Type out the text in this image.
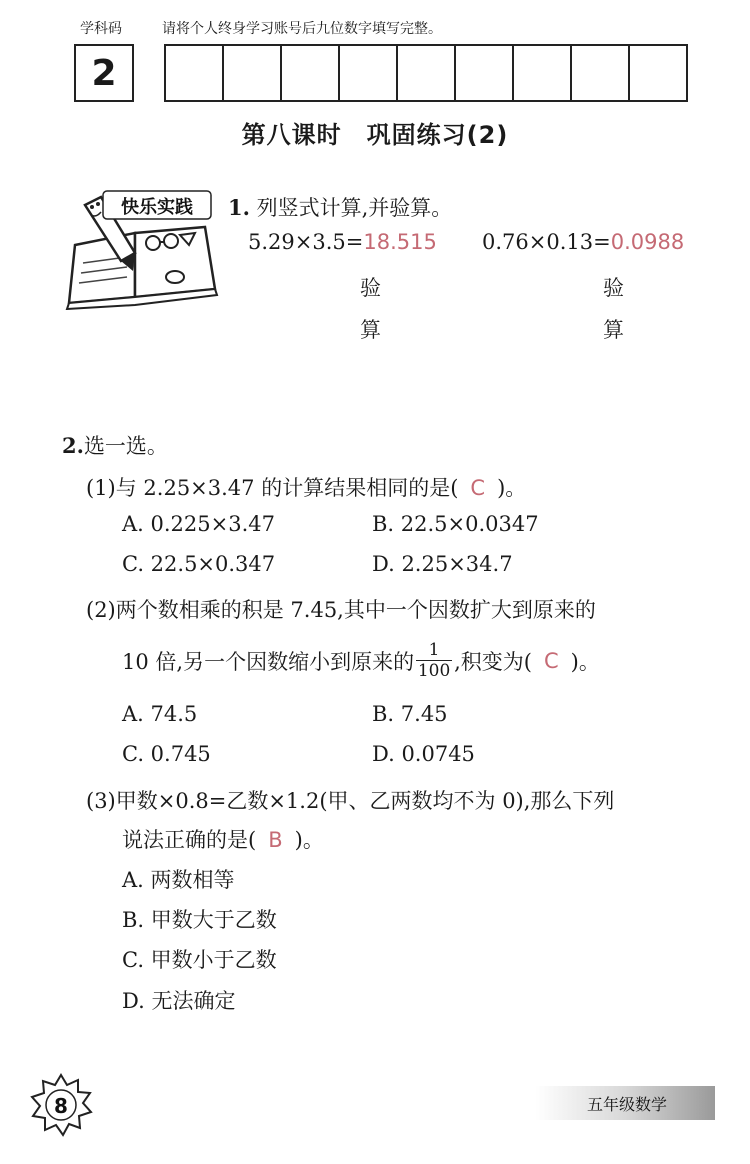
学科码	请将个人终身学习账号后九位数字填写完整。
2
第八课时　巩固练习(2)
快乐实践 1. 列竖式计算,并验算。
5.29×3.5=18.515 0.76×0.13=0.0988
验
算
验
算
2.选一选。
(1)与 2.25×3.47 的计算结果相同的是( C )。
A. 0.225×3.47	B. 22.5×0.0347
C. 22.5×0.347	D. 2.25×34.7
(2)两个数相乘的积是 7.45,其中一个因数扩大到原来的
10 倍,另一个因数缩小到原来的 $\frac{1}{100}$ ,积变为( C )。
A. 74.5	B. 7.45
C. 0.745	D. 0.0745
(3)甲数×0.8=乙数×1.2(甲、乙两数均不为 0),那么下列
说法正确的是( B )。
A. 两数相等
B. 甲数大于乙数
C. 甲数小于乙数
D. 无法确定
8	五年级数学
